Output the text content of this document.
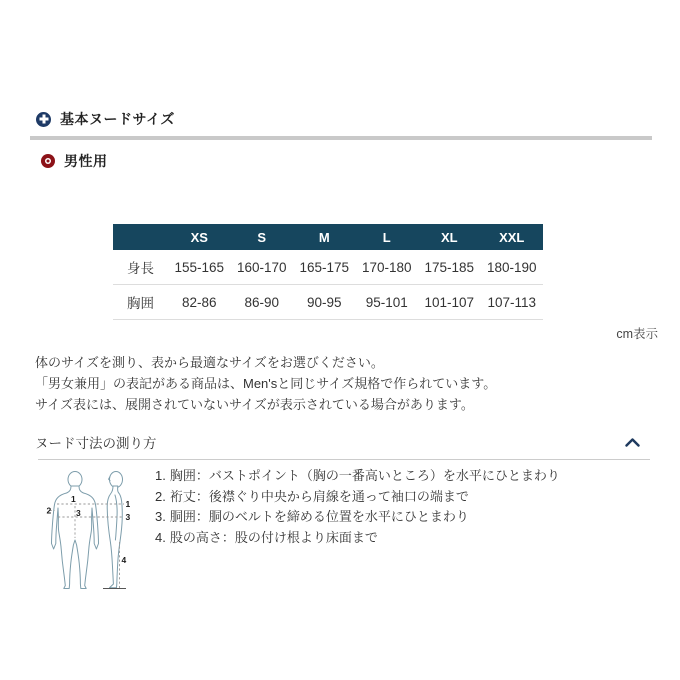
基本ヌードサイズ
男性用
	XS	S	M	L	XL	XXL
身長	155-165	160-170	165-175	170-180	175-185	180-190
胸囲	82-86	86-90	90-95	95-101	101-107	107-113
cm表示
体のサイズを測り、表から最適なサイズをお選びください。
「男女兼用」の表記がある商品は、Men'sと同じサイズ規格で作られています。
サイズ表には、展開されていないサイズが表示されている場合があります。
ヌード寸法の測り方
1
2	3
1
3
4
1. 胸囲：バストポイント（胸の一番高いところ）を水平にひとまわり
2. 裄丈：後襟ぐり中央から肩線を通って袖口の端まで
3. 胴囲：胴のベルトを締める位置を水平にひとまわり
4. 股の高さ：股の付け根より床面まで
